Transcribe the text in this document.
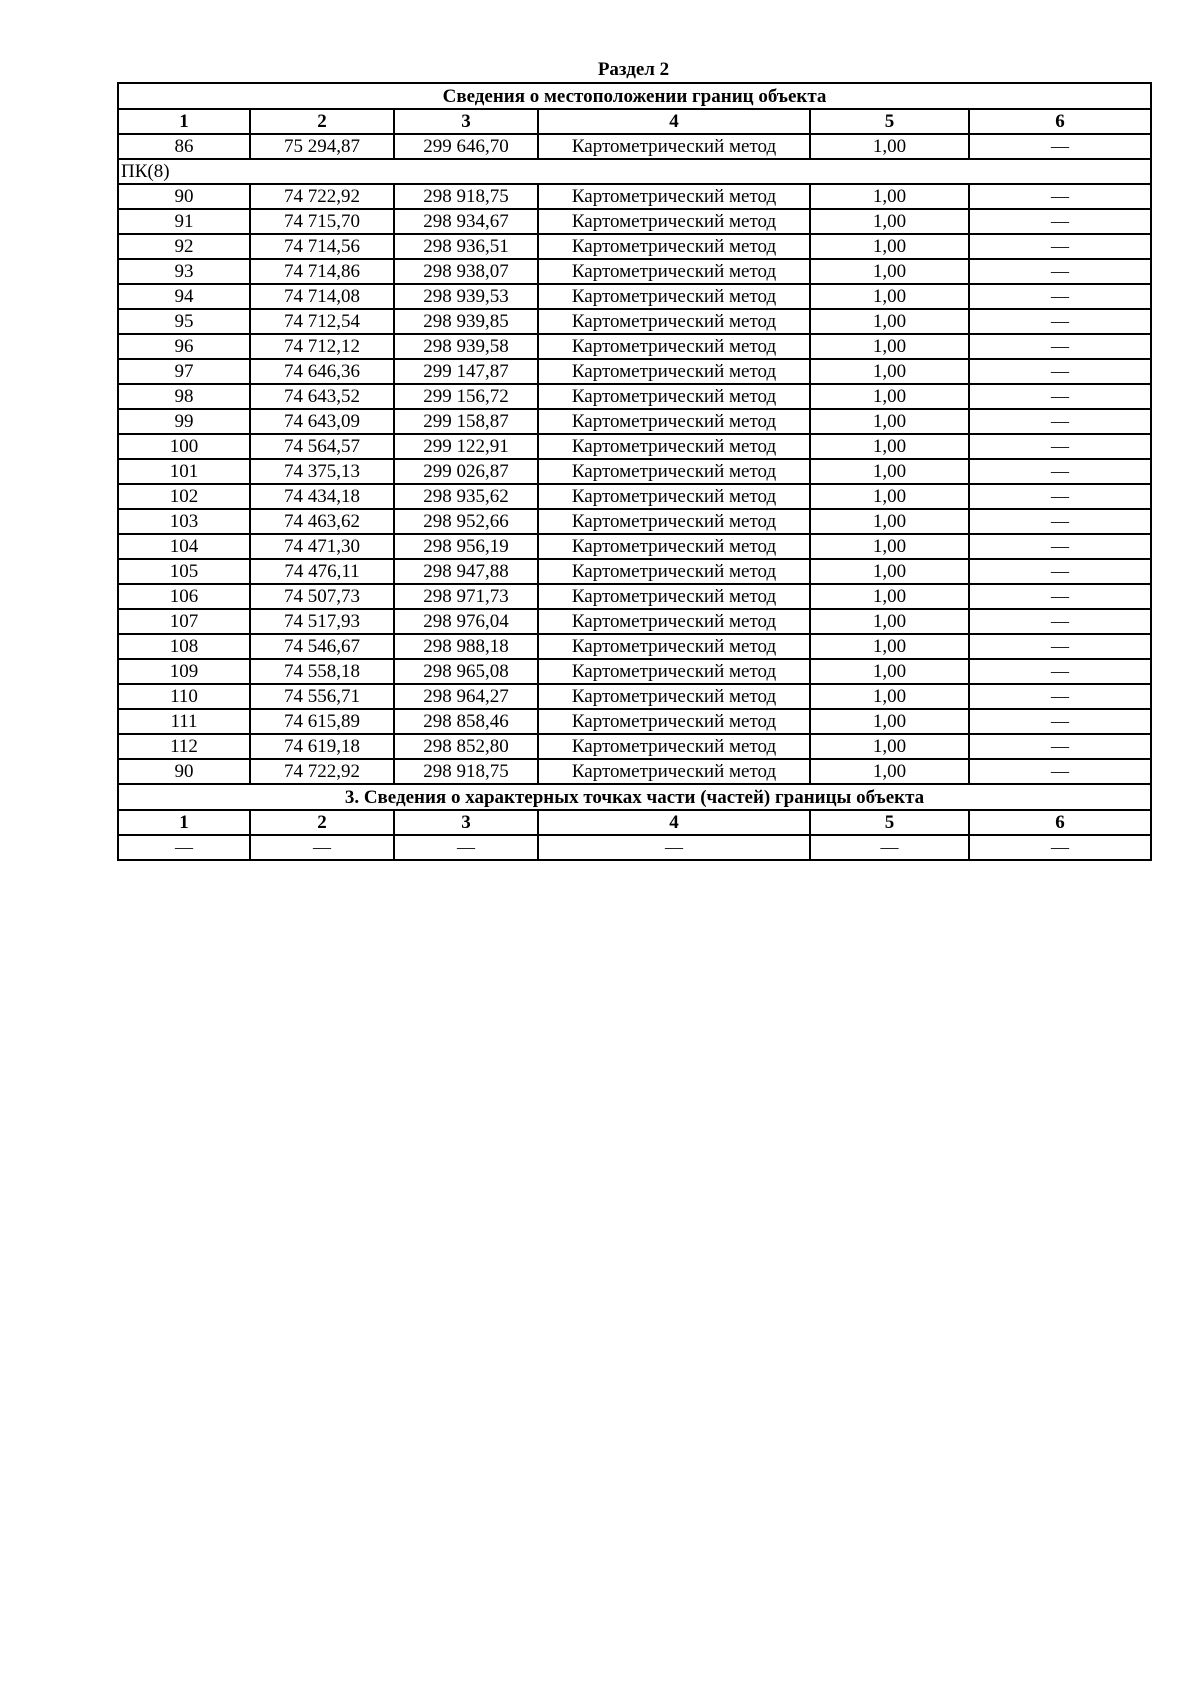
Раздел 2
Сведения о местоположении границ объекта					
1	2	3	4	5	6
86	75 294,87	299 646,70	Картометрический метод	1,00	—
ПК(8)					
90	74 722,92	298 918,75	Картометрический метод	1,00	—
91	74 715,70	298 934,67	Картометрический метод	1,00	—
92	74 714,56	298 936,51	Картометрический метод	1,00	—
93	74 714,86	298 938,07	Картометрический метод	1,00	—
94	74 714,08	298 939,53	Картометрический метод	1,00	—
95	74 712,54	298 939,85	Картометрический метод	1,00	—
96	74 712,12	298 939,58	Картометрический метод	1,00	—
97	74 646,36	299 147,87	Картометрический метод	1,00	—
98	74 643,52	299 156,72	Картометрический метод	1,00	—
99	74 643,09	299 158,87	Картометрический метод	1,00	—
100	74 564,57	299 122,91	Картометрический метод	1,00	—
101	74 375,13	299 026,87	Картометрический метод	1,00	—
102	74 434,18	298 935,62	Картометрический метод	1,00	—
103	74 463,62	298 952,66	Картометрический метод	1,00	—
104	74 471,30	298 956,19	Картометрический метод	1,00	—
105	74 476,11	298 947,88	Картометрический метод	1,00	—
106	74 507,73	298 971,73	Картометрический метод	1,00	—
107	74 517,93	298 976,04	Картометрический метод	1,00	—
108	74 546,67	298 988,18	Картометрический метод	1,00	—
109	74 558,18	298 965,08	Картометрический метод	1,00	—
110	74 556,71	298 964,27	Картометрический метод	1,00	—
111	74 615,89	298 858,46	Картометрический метод	1,00	—
112	74 619,18	298 852,80	Картометрический метод	1,00	—
90	74 722,92	298 918,75	Картометрический метод	1,00	—
3. Сведения о характерных точках части (частей) границы объекта					
1	2	3	4	5	6
—	—	—	—	—	—
